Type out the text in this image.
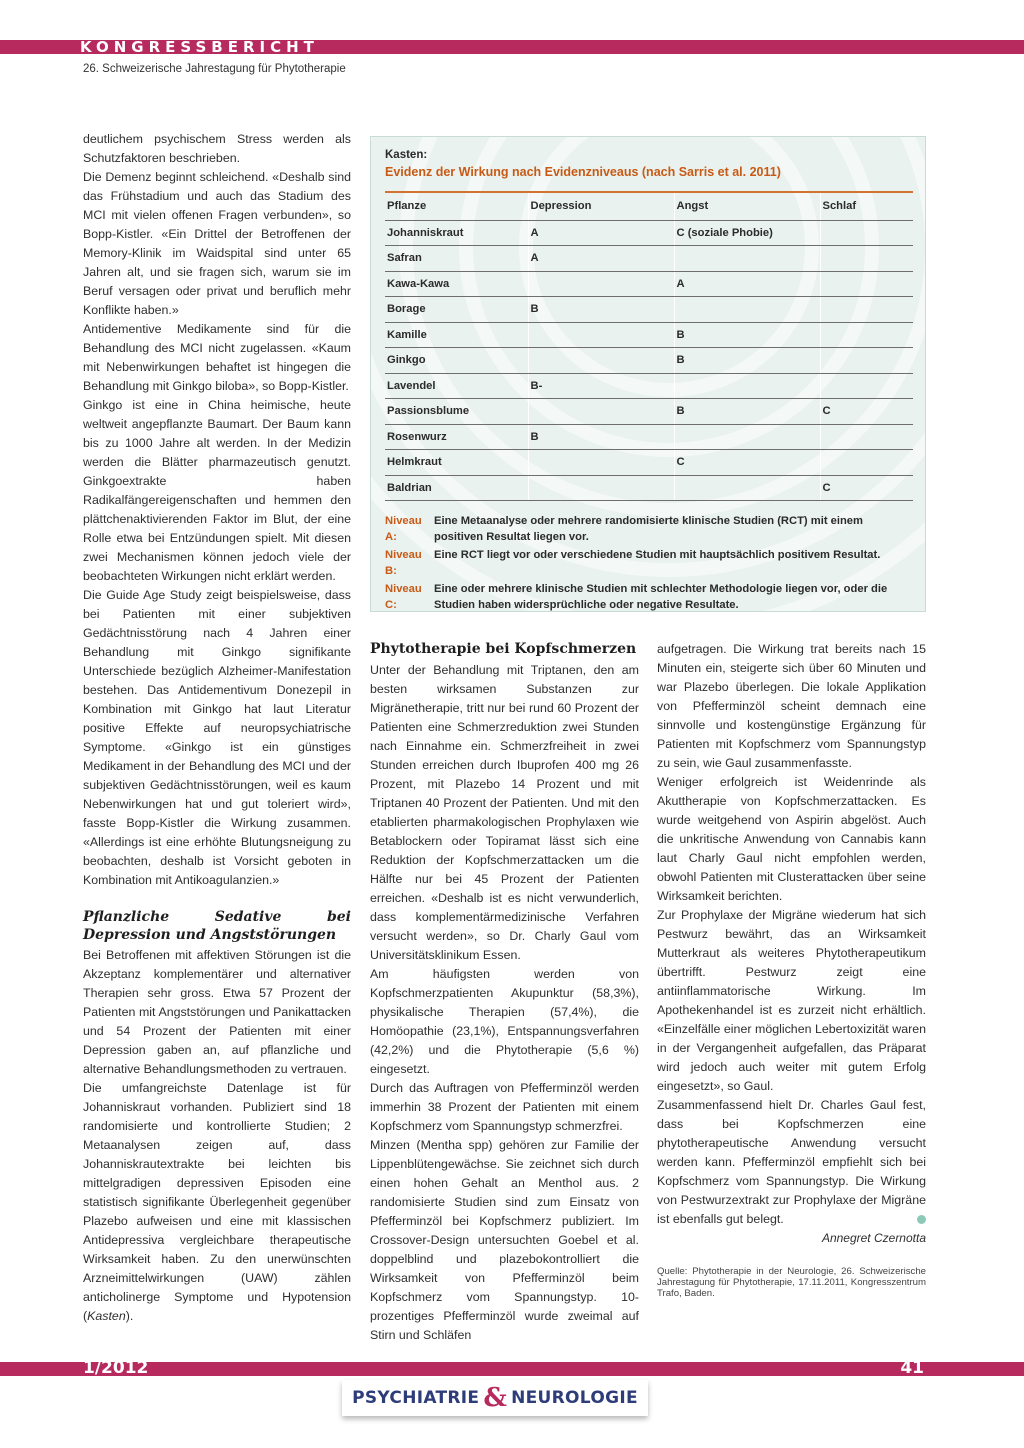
KONGRESSBERICHT
26. Schweizerische Jahrestagung für Phytotherapie

deutlichem psychischem Stress werden als Schutzfaktoren beschrieben.

Die Demenz beginnt schleichend. «Deshalb sind das Frühstadium und auch das Stadium des MCI mit vielen offenen Fragen verbunden», so Bopp-Kistler. «Ein Drittel der Betroffenen der Memory-Klinik im Waidspital sind unter 65 Jahren alt, und sie fragen sich, warum sie im Beruf versagen oder privat und beruflich mehr Konflikte haben.»

Antidementive Medikamente sind für die Behandlung des MCI nicht zugelassen. «Kaum mit Nebenwirkungen behaftet ist hingegen die Behandlung mit Ginkgo biloba», so Bopp-Kistler.

Ginkgo ist eine in China heimische, heute weltweit angepflanzte Baumart. Der Baum kann bis zu 1000 Jahre alt werden. In der Medizin werden die Blätter pharmazeutisch genutzt. Ginkgoextrakte haben Radikalfängereigenschaften und hemmen den plättchenaktivierenden Faktor im Blut, der eine Rolle etwa bei Entzündungen spielt. Mit diesen zwei Mechanismen können jedoch viele der beobachteten Wirkungen nicht erklärt werden.

Die Guide Age Study zeigt beispielsweise, dass bei Patienten mit einer subjektiven Gedächtnisstörung nach 4 Jahren einer Behandlung mit Ginkgo signifikante Unterschiede bezüglich Alzheimer-Manifestation bestehen. Das Antidementivum Donezepil in Kombination mit Ginkgo hat laut Literatur positive Effekte auf neuropsychiatrische Symptome. «Ginkgo ist ein günstiges Medikament in der Behandlung des MCI und der subjektiven Gedächtnisstörungen, weil es kaum Nebenwirkungen hat und gut toleriert wird», fasste Bopp-Kistler die Wirkung zusammen. «Allerdings ist eine erhöhte Blutungsneigung zu beobachten, deshalb ist Vorsicht geboten in Kombination mit Antikoagulanzien.»

Pflanzliche Sedative bei Depression und Angststörungen

Bei Betroffenen mit affektiven Störungen ist die Akzeptanz komplementärer und alternativer Therapien sehr gross. Etwa 57 Prozent der Patienten mit Angststörungen und Panikattacken und 54 Prozent der Patienten mit einer Depression gaben an, auf pflanzliche und alternative Behandlungsmethoden zu vertrauen.

Die umfangreichste Datenlage ist für Johanniskraut vorhanden. Publiziert sind 18 randomisierte und kontrollierte Studien; 2 Metaanalysen zeigen auf, dass Johanniskrautextrakte bei leichten bis mittelgradigen depressiven Episoden eine statistisch signifikante Überlegenheit gegenüber Plazebo aufweisen und eine mit klassischen Antidepressiva vergleichbare therapeutische Wirksamkeit haben. Zu den unerwünschten Arzneimittelwirkungen (UAW) zählen anticholinerge Symptome und Hypotension (Kasten).

Kasten:
Evidenz der Wirkung nach Evidenzniveaus (nach Sarris et al. 2011)
Pflanze	Depression	Angst	Schlaf
Johanniskraut	A	C (soziale Phobie)	
Safran	A		
Kawa-Kawa		A	
Borage	B		
Kamille		B	
Ginkgo		B	
Lavendel	B-		
Passionsblume		B	C
Rosenwurz	B		
Helmkraut		C	
Baldrian			C
Niveau A:
Eine Metaanalyse oder mehrere randomisierte klinische Studien (RCT) mit einem positiven Resultat liegen vor.
Niveau B:
Eine RCT liegt vor oder verschiedene Studien mit hauptsächlich positivem Resultat.
Niveau C:
Eine oder mehrere klinische Studien mit schlechter Methodologie liegen vor, oder die Studien haben widersprüchliche oder negative Resultate.
Phytotherapie bei Kopfschmerzen

Unter der Behandlung mit Triptanen, den am besten wirksamen Substanzen zur Migränetherapie, tritt nur bei rund 60 Prozent der Patienten eine Schmerzreduktion zwei Stunden nach Einnahme ein. Schmerzfreiheit in zwei Stunden erreichen durch Ibuprofen 400 mg 26 Prozent, mit Plazebo 14 Prozent und mit Triptanen 40 Prozent der Patienten. Und mit den etablierten pharmakologischen Prophylaxen wie Betablockern oder Topiramat lässt sich eine Reduktion der Kopfschmerzattacken um die Hälfte nur bei 45 Prozent der Patienten erreichen. «Deshalb ist es nicht verwunderlich, dass komplementärmedizinische Verfahren versucht werden», so Dr. Charly Gaul vom Universitätsklinikum Essen.

Am häufigsten werden von Kopfschmerzpatienten Akupunktur (58,3%), physikalische Therapien (57,4%), die Homöopathie (23,1%), Entspannungsverfahren (42,2%) und die Phytotherapie (5,6 %) eingesetzt.

Durch das Auftragen von Pfefferminzöl werden immerhin 38 Prozent der Patienten mit einem Kopfschmerz vom Spannungstyp schmerzfrei.

Minzen (Mentha spp) gehören zur Familie der Lippenblütengewächse. Sie zeichnet sich durch einen hohen Gehalt an Menthol aus. 2 randomisierte Studien sind zum Einsatz von Pfefferminzöl bei Kopfschmerz publiziert. Im Crossover-Design untersuchten Goebel et al. doppelblind und plazebokontrolliert die Wirksamkeit von Pfefferminzöl beim Kopfschmerz vom Spannungstyp. 10-prozentiges Pfefferminzöl wurde zweimal auf Stirn und Schläfen

aufgetragen. Die Wirkung trat bereits nach 15 Minuten ein, steigerte sich über 60 Minuten und war Plazebo überlegen. Die lokale Applikation von Pfefferminzöl scheint demnach eine sinnvolle und kostengünstige Ergänzung für Patienten mit Kopfschmerz vom Spannungstyp zu sein, wie Gaul zusammenfasste.

Weniger erfolgreich ist Weidenrinde als Akuttherapie von Kopfschmerzattacken. Es wurde weitgehend von Aspirin abgelöst. Auch die unkritische Anwendung von Cannabis kann laut Charly Gaul nicht empfohlen werden, obwohl Patienten mit Clusterattacken über seine Wirksamkeit berichten.

Zur Prophylaxe der Migräne wiederum hat sich Pestwurz bewährt, das an Wirksamkeit Mutterkraut als weiteres Phytotherapeutikum übertrifft. Pestwurz zeigt eine antiinflammatorische Wirkung. Im Apothekenhandel ist es zurzeit nicht erhältlich. «Einzelfälle einer möglichen Lebertoxizität waren in der Vergangenheit aufgefallen, das Präparat wird jedoch auch weiter mit gutem Erfolg eingesetzt», so Gaul.

Zusammenfassend hielt Dr. Charles Gaul fest, dass bei Kopfschmerzen eine phytotherapeutische Anwendung versucht werden kann. Pfefferminzöl empfiehlt sich bei Kopfschmerz vom Spannungstyp. Die Wirkung von Pestwurzextrakt zur Prophylaxe der Migräne ist ebenfalls gut belegt.

Annegret Czernotta
Quelle: Phytotherapie in der Neurologie, 26. Schweizerische Jahrestagung für Phytotherapie, 17.11.2011, Kongresszentrum Trafo, Baden.
1/2012	41
PSYCHIATRIE & NEUROLOGIE
